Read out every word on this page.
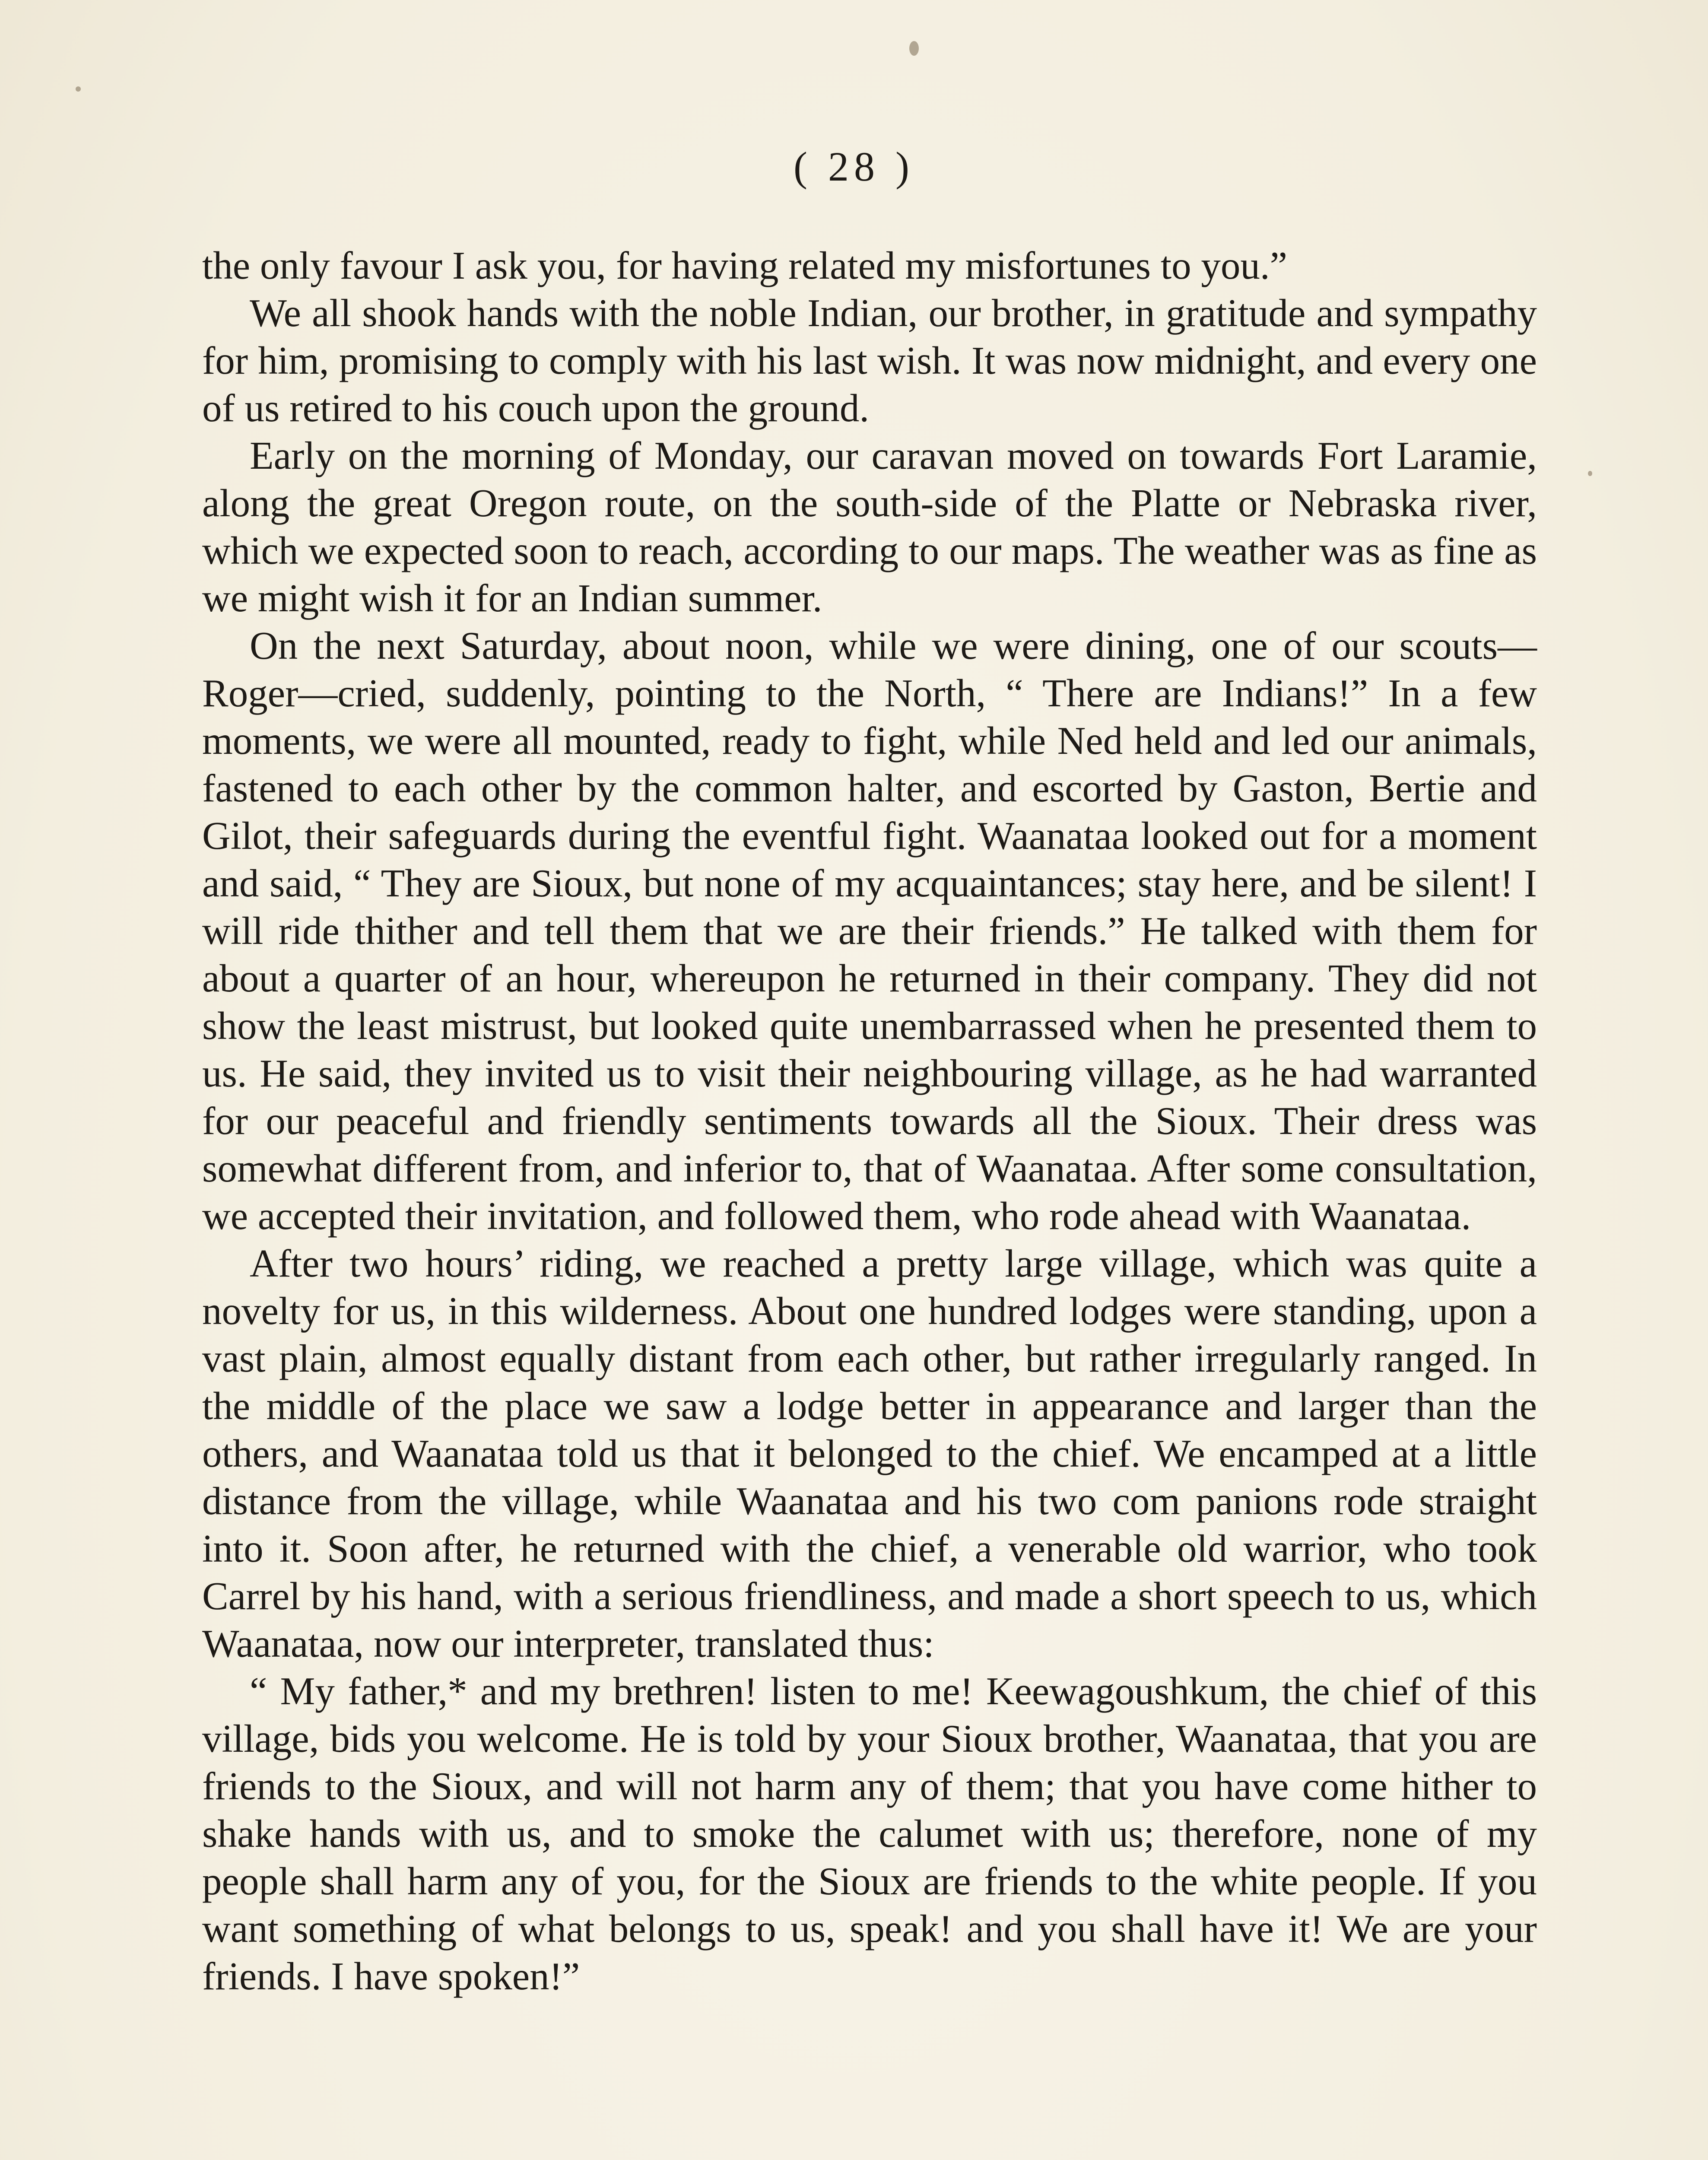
( 28 )

the only favour I ask you, for having related my misfortunes to you.”

We all shook hands with the noble Indian, our brother, in gratitude and sympathy for him, promising to comply with his last wish. It was now midnight, and every one of us retired to his couch upon the ground.

Early on the morning of Monday, our caravan moved on towards Fort Laramie, along the great Oregon route, on the south-side of the Platte or Nebraska river, which we expected soon to reach, according to our maps. The weather was as fine as we might wish it for an Indian summer.

On the next Saturday, about noon, while we were dining, one of our scouts—Roger—cried, suddenly, pointing to the North, “ There are Indians!” In a few moments, we were all mounted, ready to fight, while Ned held and led our animals, fastened to each other by the common halter, and escorted by Gaston, Bertie and Gilot, their safeguards during the eventful fight. Waanataa looked out for a moment and said, “ They are Sioux, but none of my acquaintances; stay here, and be silent! I will ride thither and tell them that we are their friends.” He talked with them for about a quarter of an hour, whereupon he returned in their company. They did not show the least mistrust, but looked quite unembarrassed when he presented them to us. He said, they invited us to visit their neighbouring village, as he had warranted for our peaceful and friendly sentiments towards all the Sioux. Their dress was somewhat different from, and inferior to, that of Waanataa. After some consultation, we accepted their invitation, and followed them, who rode ahead with Waanataa.

After two hours’ riding, we reached a pretty large village, which was quite a novelty for us, in this wilderness. About one hundred lodges were standing, upon a vast plain, almost equally distant from each other, but rather irregularly ranged. In the middle of the place we saw a lodge better in appearance and larger than the others, and Waanataa told us that it belonged to the chief. We encamped at a little distance from the village, while Waanataa and his two com panions rode straight into it. Soon after, he returned with the chief, a venerable old warrior, who took Carrel by his hand, with a serious friendliness, and made a short speech to us, which Waanataa, now our interpreter, translated thus:

“ My father,* and my brethren! listen to me! Keewagoushkum, the chief of this village, bids you welcome. He is told by your Sioux brother, Waanataa, that you are friends to the Sioux, and will not harm any of them; that you have come hither to shake hands with us, and to smoke the calumet with us; therefore, none of my people shall harm any of you, for the Sioux are friends to the white people. If you want something of what belongs to us, speak! and you shall have it! We are your friends. I have spoken!”
